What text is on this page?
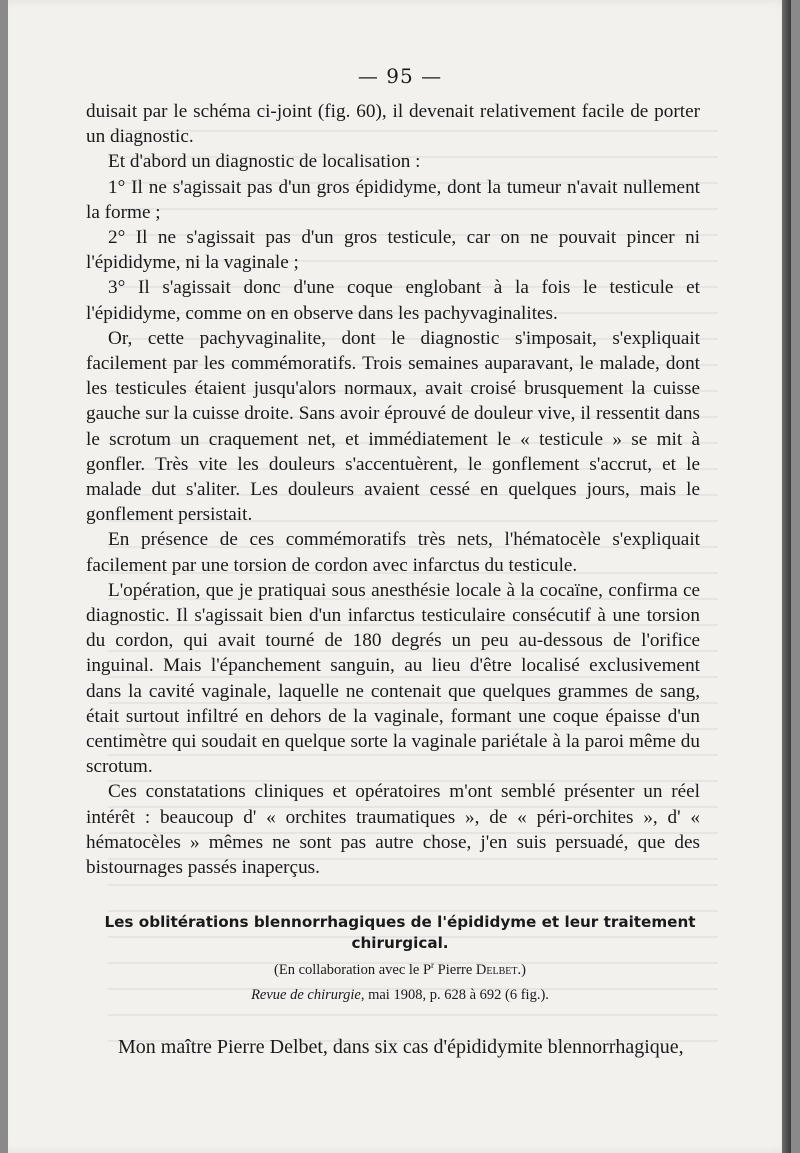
— 95 —

duisait par le schéma ci-joint (fig. 60), il devenait relativement facile de porter un diagnostic.

Et d'abord un diagnostic de localisation :

1° Il ne s'agissait pas d'un gros épididyme, dont la tumeur n'avait nullement la forme ;

2° Il ne s'agissait pas d'un gros testicule, car on ne pouvait pincer ni l'épididyme, ni la vaginale ;

3° Il s'agissait donc d'une coque englobant à la fois le testicule et l'épididyme, comme on en observe dans les pachyvaginalites.

Or, cette pachyvaginalite, dont le diagnostic s'imposait, s'expliquait facilement par les commémoratifs. Trois semaines auparavant, le malade, dont les testicules étaient jusqu'alors normaux, avait croisé brusquement la cuisse gauche sur la cuisse droite. Sans avoir éprouvé de douleur vive, il ressentit dans le scrotum un craquement net, et immédiatement le « testicule » se mit à gonfler. Très vite les douleurs s'accentuèrent, le gonflement s'accrut, et le malade dut s'aliter. Les douleurs avaient cessé en quelques jours, mais le gonflement persistait.

En présence de ces commémoratifs très nets, l'hématocèle s'expliquait facilement par une torsion de cordon avec infarctus du testicule.

L'opération, que je pratiquai sous anesthésie locale à la cocaïne, confirma ce diagnostic. Il s'agissait bien d'un infarctus testiculaire consécutif à une torsion du cordon, qui avait tourné de 180 degrés un peu au-dessous de l'orifice inguinal. Mais l'épanchement sanguin, au lieu d'être localisé exclusivement dans la cavité vaginale, laquelle ne contenait que quelques grammes de sang, était surtout infiltré en dehors de la vaginale, formant une coque épaisse d'un centimètre qui soudait en quelque sorte la vaginale pariétale à la paroi même du scrotum.

Ces constatations cliniques et opératoires m'ont semblé présenter un réel intérêt : beaucoup d' « orchites traumatiques », de « péri-orchites », d' « hématocèles » mêmes ne sont pas autre chose, j'en suis persuadé, que des bistournages passés inaperçus.

Les oblitérations blennorrhagiques de l'épididyme et leur traitement chirurgical.
(En collaboration avec le $P^r$ Pierre Delbet.)
Revue de chirurgie, mai 1908, p. 628 à 692 (6 fig.).
Mon maître Pierre Delbet, dans six cas d'épididymite blennorrhagique,
